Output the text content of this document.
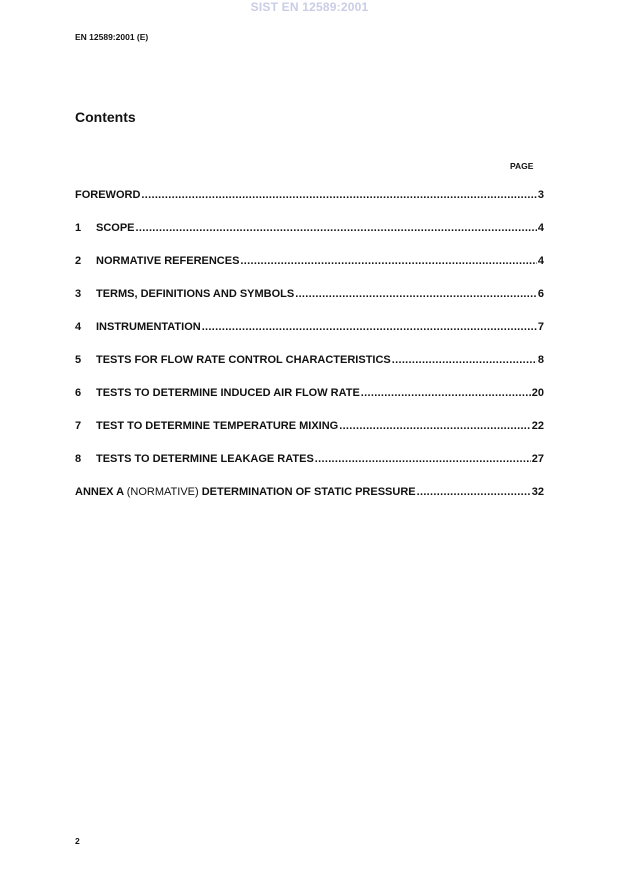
SIST EN 12589:2001
EN 12589:2001 (E)
Contents
PAGE
FOREWORD .....	3
1	SCOPE .....	4
2	NORMATIVE REFERENCES .....	4
3	TERMS, DEFINITIONS AND SYMBOLS .....	6
4	INSTRUMENTATION .....	7
5	TESTS FOR FLOW RATE CONTROL CHARACTERISTICS .....	8
6	TESTS TO DETERMINE INDUCED AIR FLOW RATE .....	20
7	TEST TO DETERMINE TEMPERATURE MIXING .....	22
8	TESTS TO DETERMINE LEAKAGE RATES .....	27
ANNEX A (NORMATIVE) DETERMINATION OF STATIC PRESSURE .....	32
2
